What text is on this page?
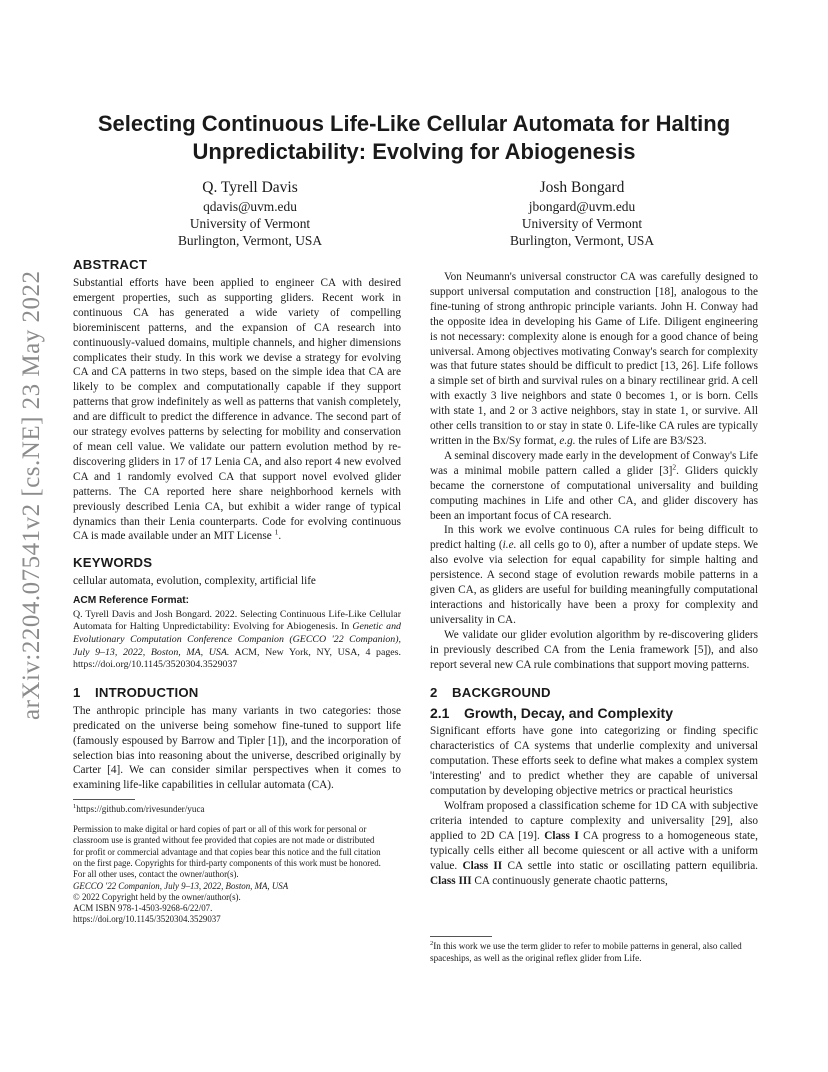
arXiv:2204.07541v2 [cs.NE] 23 May 2022
Selecting Continuous Life-Like Cellular Automata for Halting Unpredictability: Evolving for Abiogenesis
Q. Tyrell Davis
qdavis@uvm.edu
University of Vermont
Burlington, Vermont, USA
Josh Bongard
jbongard@uvm.edu
University of Vermont
Burlington, Vermont, USA
ABSTRACT

Substantial efforts have been applied to engineer CA with desired emergent properties, such as supporting gliders. Recent work in continuous CA has generated a wide variety of compelling bioreminiscent patterns, and the expansion of CA research into continuously-valued domains, multiple channels, and higher dimensions complicates their study. In this work we devise a strategy for evolving CA and CA patterns in two steps, based on the simple idea that CA are likely to be complex and computationally capable if they support patterns that grow indefinitely as well as patterns that vanish completely, and are difficult to predict the difference in advance. The second part of our strategy evolves patterns by selecting for mobility and conservation of mean cell value. We validate our pattern evolution method by re-discovering gliders in 17 of 17 Lenia CA, and also report 4 new evolved CA and 1 randomly evolved CA that support novel evolved glider patterns. The CA reported here share neighborhood kernels with previously described Lenia CA, but exhibit a wider range of typical dynamics than their Lenia counterparts. Code for evolving continuous CA is made available under an MIT License $^1$.

KEYWORDS

cellular automata, evolution, complexity, artificial life

ACM Reference Format:

Q. Tyrell Davis and Josh Bongard. 2022. Selecting Continuous Life-Like Cellular Automata for Halting Unpredictability: Evolving for Abiogenesis. In Genetic and Evolutionary Computation Conference Companion (GECCO '22 Companion), July 9–13, 2022, Boston, MA, USA. ACM, New York, NY, USA, 4 pages. https://doi.org/10.1145/3520304.3529037

1 INTRODUCTION

The anthropic principle has many variants in two categories: those predicated on the universe being somehow fine-tuned to support life (famously espoused by Barrow and Tipler [1]), and the incorporation of selection bias into reasoning about the universe, described originally by Carter [4]. We can consider similar perspectives when it comes to examining life-like capabilities in cellular automata (CA).

$^1$https://github.com/rivesunder/yuca
Permission to make digital or hard copies of part or all of this work for personal or
classroom use is granted without fee provided that copies are not made or distributed
for profit or commercial advantage and that copies bear this notice and the full citation
on the first page. Copyrights for third-party components of this work must be honored.
For all other uses, contact the owner/author(s).
GECCO '22 Companion, July 9–13, 2022, Boston, MA, USA
© 2022 Copyright held by the owner/author(s).
ACM ISBN 978-1-4503-9268-6/22/07.
https://doi.org/10.1145/3520304.3529037

Von Neumann's universal constructor CA was carefully designed to support universal computation and construction [18], analogous to the fine-tuning of strong anthropic principle variants. John H. Conway had the opposite idea in developing his Game of Life. Diligent engineering is not necessary: complexity alone is enough for a good chance of being universal. Among objectives motivating Conway's search for complexity was that future states should be difficult to predict [13, 26]. Life follows a simple set of birth and survival rules on a binary rectilinear grid. A cell with exactly 3 live neighbors and state 0 becomes 1, or is born. Cells with state 1, and 2 or 3 active neighbors, stay in state 1, or survive. All other cells transition to or stay in state 0. Life-like CA rules are typically written in the Bx/Sy format, e.g. the rules of Life are B3/S23.

A seminal discovery made early in the development of Conway's Life was a minimal mobile pattern called a glider $[3]^2$. Gliders quickly became the cornerstone of computational universality and building computing machines in Life and other CA, and glider discovery has been an important focus of CA research.

In this work we evolve continuous CA rules for being difficult to predict halting (i.e. all cells go to 0), after a number of update steps. We also evolve via selection for equal capability for simple halting and persistence. A second stage of evolution rewards mobile patterns in a given CA, as gliders are useful for building meaningfully computational interactions and historically have been a proxy for complexity and universality in CA.

We validate our glider evolution algorithm by re-discovering gliders in previously described CA from the Lenia framework [5]), and also report several new CA rule combinations that support moving patterns.

2 BACKGROUND
2.1 Growth, Decay, and Complexity

Significant efforts have gone into categorizing or finding specific characteristics of CA systems that underlie complexity and universal computation. These efforts seek to define what makes a complex system 'interesting' and to predict whether they are capable of universal computation by developing objective metrics or practical heuristics

Wolfram proposed a classification scheme for 1D CA with subjective criteria intended to capture complexity and universality [29], also applied to 2D CA [19]. Class I CA progress to a homogeneous state, typically cells either all become quiescent or all active with a uniform value. Class II CA settle into static or oscillating pattern equilibria. Class III CA continuously generate chaotic patterns,

$^2$In this work we use the term glider to refer to mobile patterns in general, also called spaceships, as well as the original reflex glider from Life.
